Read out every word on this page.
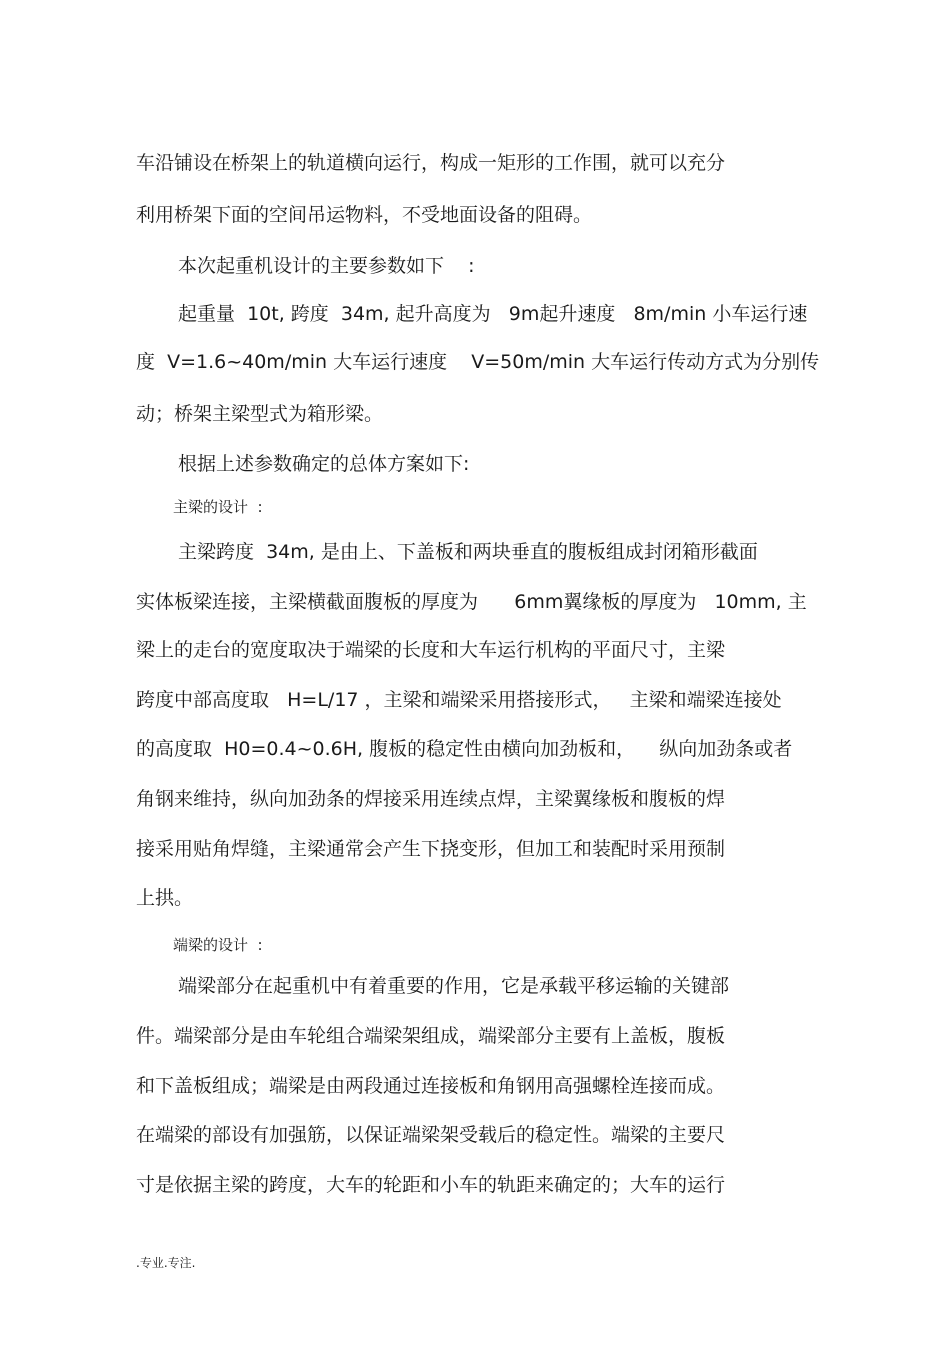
车沿铺设在桥架上的轨道横向运行，构成一矩形的工作围，就可以充分
利用桥架下面的空间吊运物料，不受地面设备的阻碍。
本次起重机设计的主要参数如下    :
起重量  10t, 跨度  34m, 起升高度为   9m起升速度   8m/min 小车运行速
度  V=1.6~40m/min 大车运行速度    V=50m/min 大车运行传动方式为分别传
动；桥架主梁型式为箱形梁。
根据上述参数确定的总体方案如下:
主梁的设计  :
主梁跨度  34m, 是由上、下盖板和两块垂直的腹板组成封闭箱形截面
实体板梁连接，主梁横截面腹板的厚度为      6mm翼缘板的厚度为   10mm, 主
梁上的走台的宽度取决于端梁的长度和大车运行机构的平面尺寸，主梁
跨度中部高度取   H=L/17 ，主梁和端梁采用搭接形式，   主梁和端梁连接处
的高度取  H0=0.4~0.6H, 腹板的稳定性由横向加劲板和，    纵向加劲条或者
角钢来维持，纵向加劲条的焊接采用连续点焊，主梁翼缘板和腹板的焊
接采用贴角焊缝，主梁通常会产生下挠变形，但加工和装配时采用预制
上拱。
端梁的设计  :
端梁部分在起重机中有着重要的作用，它是承载平移运输的关键部
件。端梁部分是由车轮组合端梁架组成，端梁部分主要有上盖板，腹板
和下盖板组成；端梁是由两段通过连接板和角钢用高强螺栓连接而成。
在端梁的部设有加强筋，以保证端梁架受载后的稳定性。端梁的主要尺
寸是依据主梁的跨度，大车的轮距和小车的轨距来确定的；大车的运行
.专业.专注.
